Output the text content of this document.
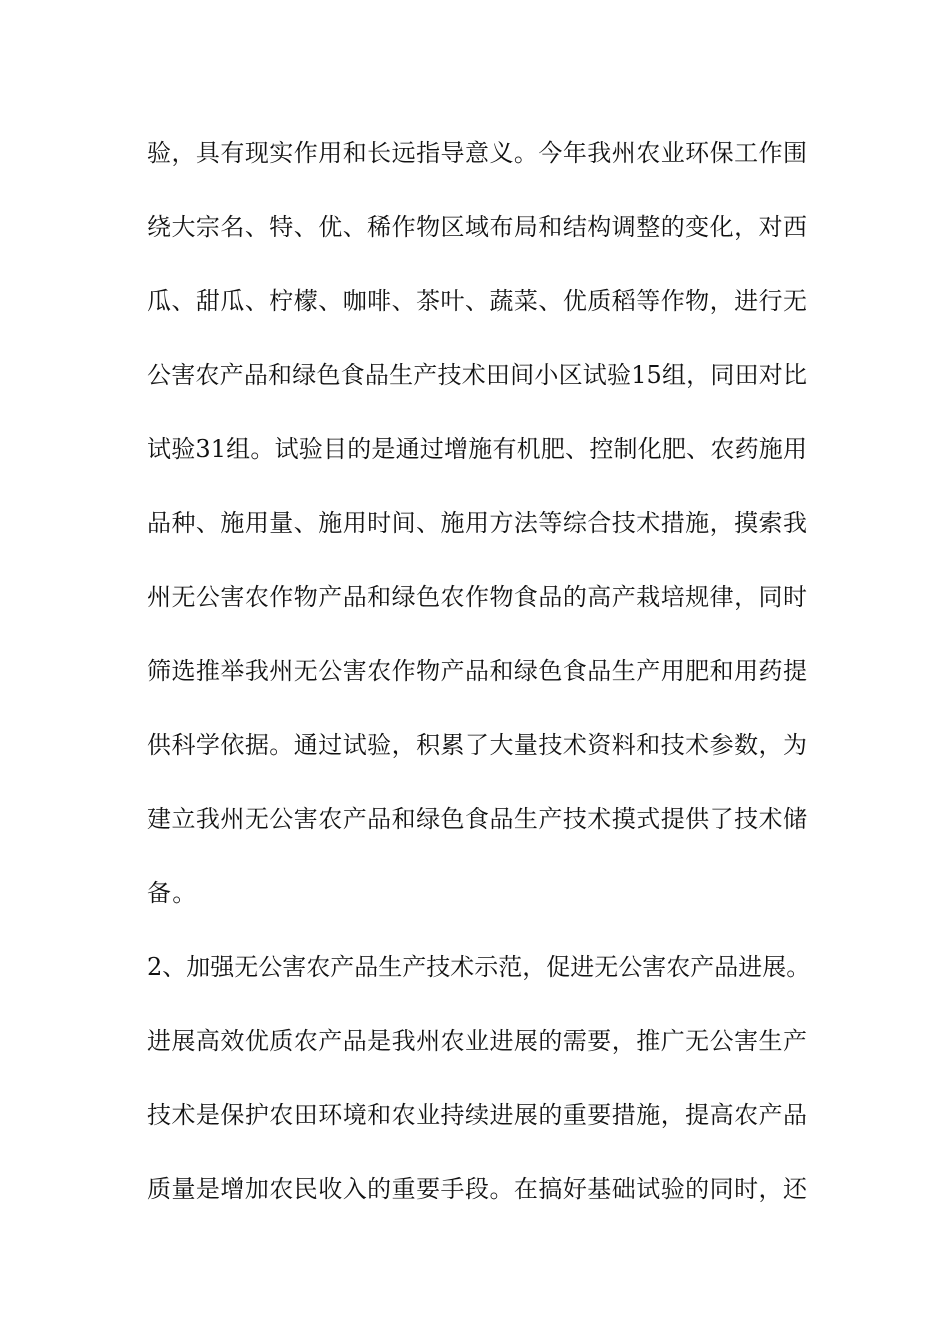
验，具有现实作用和长远指导意义。今年我州农业环保工作围
绕大宗名、特、优、稀作物区域布局和结构调整的变化，对西
瓜、甜瓜、柠檬、咖啡、茶叶、蔬菜、优质稻等作物，进行无
公害农产品和绿色食品生产技术田间小区试验15组，同田对比
试验31组。试验目的是通过增施有机肥、控制化肥、农药施用
品种、施用量、施用时间、施用方法等综合技术措施，摸索我
州无公害农作物产品和绿色农作物食品的高产栽培规律，同时
筛选推举我州无公害农作物产品和绿色食品生产用肥和用药提
供科学依据。通过试验，积累了大量技术资料和技术参数，为
建立我州无公害农产品和绿色食品生产技术摸式提供了技术储
备。
2、加强无公害农产品生产技术示范，促进无公害农产品进展。
进展高效优质农产品是我州农业进展的需要，推广无公害生产
技术是保护农田环境和农业持续进展的重要措施，提高农产品
质量是增加农民收入的重要手段。在搞好基础试验的同时，还
